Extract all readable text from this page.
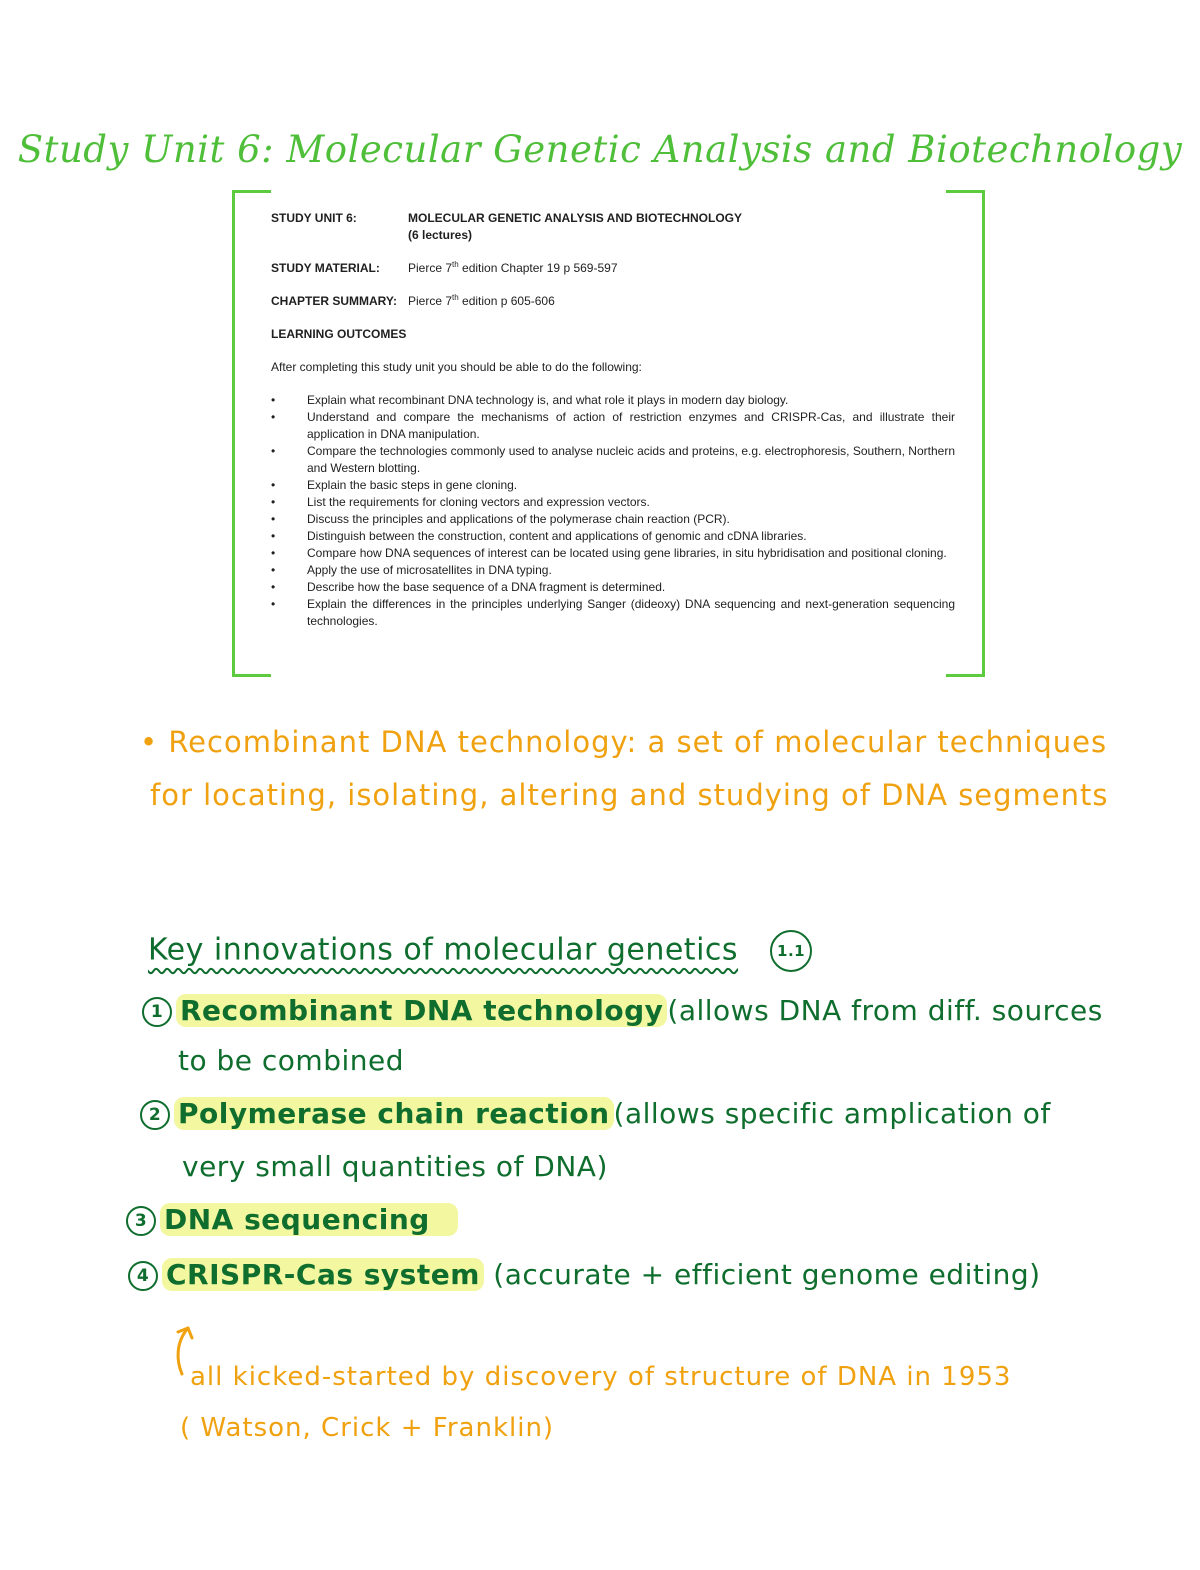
Study Unit 6: Molecular Genetic Analysis and Biotechnology
STUDY UNIT 6:	MOLECULAR GENETIC ANALYSIS AND BIOTECHNOLOGY
(6 lectures)
STUDY MATERIAL:	Pierce 7th edition Chapter 19 p 569-597
CHAPTER SUMMARY: Pierce 7th edition p 605-606
LEARNING OUTCOMES
After completing this study unit you should be able to do the following:
•	Explain what recombinant DNA technology is, and what role it plays in modern day biology.
•	Understand and compare the mechanisms of action of restriction enzymes and CRISPR-Cas, and illustrate their application in DNA manipulation.
•	Compare the technologies commonly used to analyse nucleic acids and proteins, e.g. electrophoresis, Southern, Northern and Western blotting.
•	Explain the basic steps in gene cloning.
•	List the requirements for cloning vectors and expression vectors.
•	Discuss the principles and applications of the polymerase chain reaction (PCR).
•	Distinguish between the construction, content and applications of genomic and cDNA libraries.
•	Compare how DNA sequences of interest can be located using gene libraries, in situ hybridisation and positional cloning.
•	Apply the use of microsatellites in DNA typing.
•	Describe how the base sequence of a DNA fragment is determined.
•	Explain the differences in the principles underlying Sanger (dideoxy) DNA sequencing and next-generation sequencing technologies.
• Recombinant DNA technology: a set of molecular techniques
for locating, isolating, altering and studying of DNA segments
Key innovations of molecular genetics	1.1
1 Recombinant DNA technology (allows DNA from diff. sources
to be combined
2 Polymerase chain reaction (allows specific amplication of
very small quantities of DNA)
3 DNA sequencing
4 CRISPR-Cas system (accurate + efficient genome editing)
all kicked-started by discovery of structure of DNA in 1953
( Watson, Crick + Franklin)
